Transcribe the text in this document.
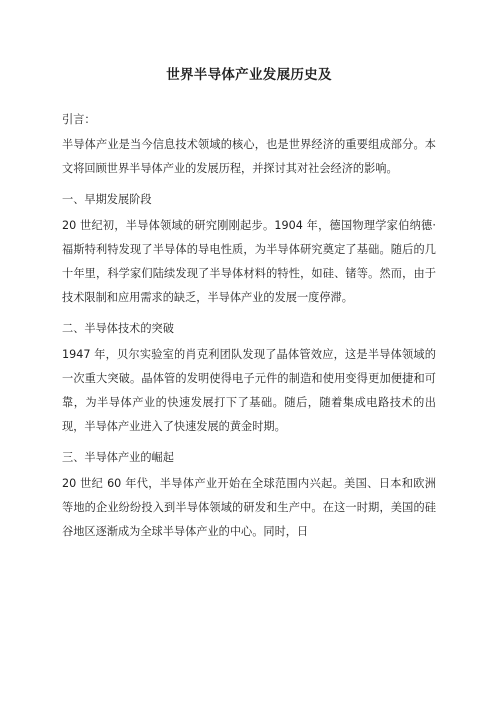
世界半导体产业发展历史及
引言：
半导体产业是当今信息技术领域的核心，也是世界经济的重要组成部分。本文将回顾世界半导体产业的发展历程，并探讨其对社会经济的影响。
一、早期发展阶段
20 世纪初，半导体领域的研究刚刚起步。1904 年，德国物理学家伯纳德·福斯特利特发现了半导体的导电性质，为半导体研究奠定了基础。随后的几十年里，科学家们陆续发现了半导体材料的特性，如硅、锗等。然而，由于技术限制和应用需求的缺乏，半导体产业的发展一度停滞。
二、半导体技术的突破
1947 年，贝尔实验室的肖克利团队发现了晶体管效应，这是半导体领域的一次重大突破。晶体管的发明使得电子元件的制造和使用变得更加便捷和可靠，为半导体产业的快速发展打下了基础。随后，随着集成电路技术的出现，半导体产业进入了快速发展的黄金时期。
三、半导体产业的崛起
20 世纪 60 年代，半导体产业开始在全球范围内兴起。美国、日本和欧洲等地的企业纷纷投入到半导体领域的研发和生产中。在这一时期，美国的硅谷地区逐渐成为全球半导体产业的中心。同时，日
